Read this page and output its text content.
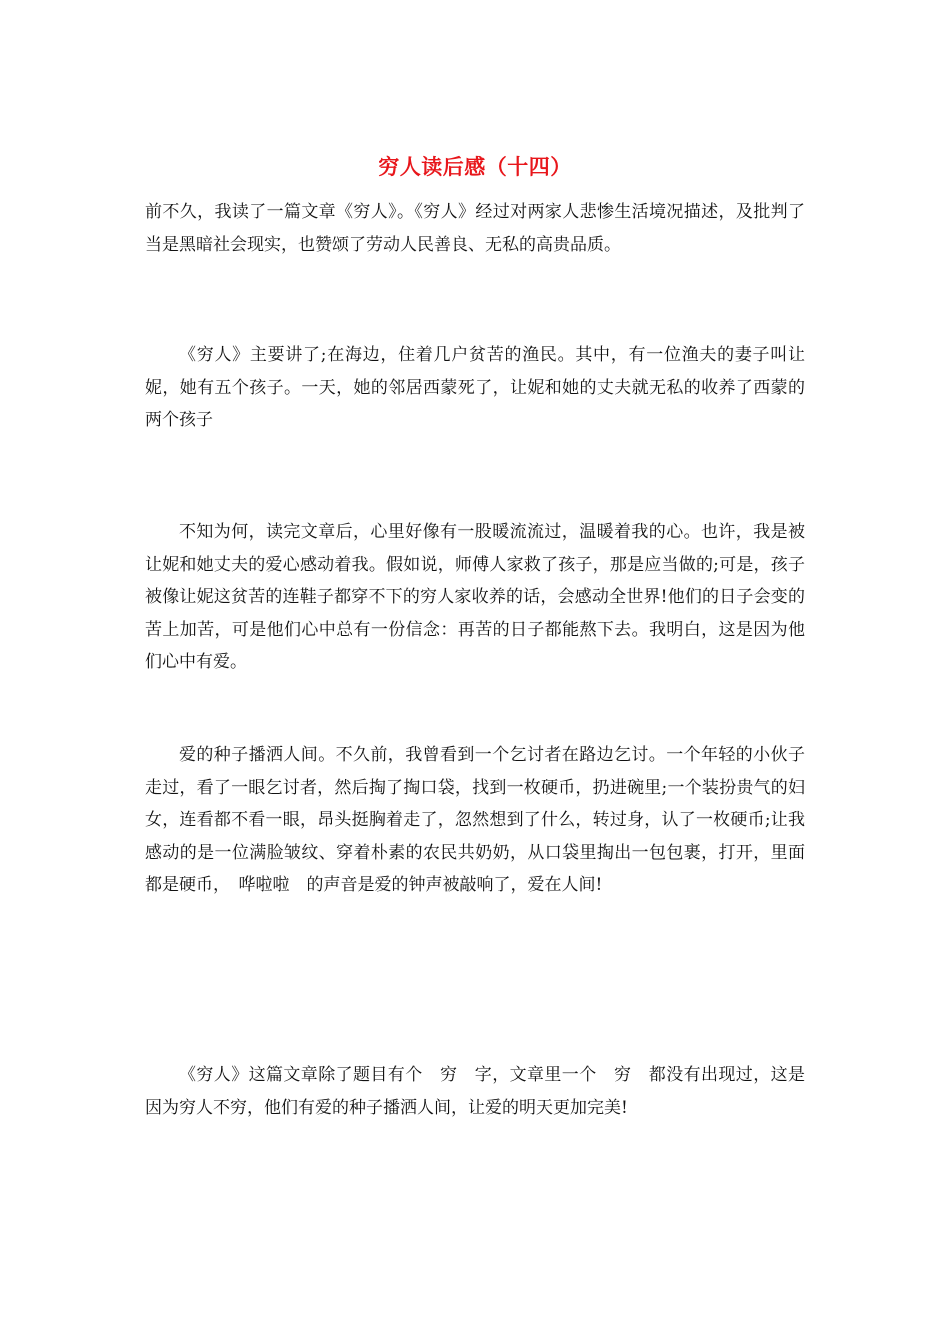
穷人读后感（十四）

前不久，我读了一篇文章《穷人》。《穷人》经过对两家人悲惨生活境况描述，及批判了当是黑暗社会现实，也赞颂了劳动人民善良、无私的高贵品质。

《穷人》主要讲了;在海边，住着几户贫苦的渔民。其中，有一位渔夫的妻子叫让妮，她有五个孩子。一天，她的邻居西蒙死了，让妮和她的丈夫就无私的收养了西蒙的两个孩子

不知为何，读完文章后，心里好像有一股暖流流过，温暖着我的心。也许，我是被让妮和她丈夫的爱心感动着我。假如说，师傅人家救了孩子，那是应当做的;可是，孩子被像让妮这贫苦的连鞋子都穿不下的穷人家收养的话，会感动全世界!他们的日子会变的苦上加苦，可是他们心中总有一份信念：再苦的日子都能熬下去。我明白，这是因为他们心中有爱。

爱的种子播洒人间。不久前，我曾看到一个乞讨者在路边乞讨。一个年轻的小伙子走过，看了一眼乞讨者，然后掏了掏口袋，找到一枚硬币，扔进碗里;一个装扮贵气的妇女，连看都不看一眼，昂头挺胸着走了，忽然想到了什么，转过身，认了一枚硬币;让我感动的是一位满脸皱纹、穿着朴素的农民共奶奶，从口袋里掏出一包包裹，打开，里面都是硬币，　哗啦啦　的声音是爱的钟声被敲响了，爱在人间!

《穷人》这篇文章除了题目有个　穷　字，文章里一个　穷　都没有出现过，这是因为穷人不穷，他们有爱的种子播洒人间，让爱的明天更加完美!
